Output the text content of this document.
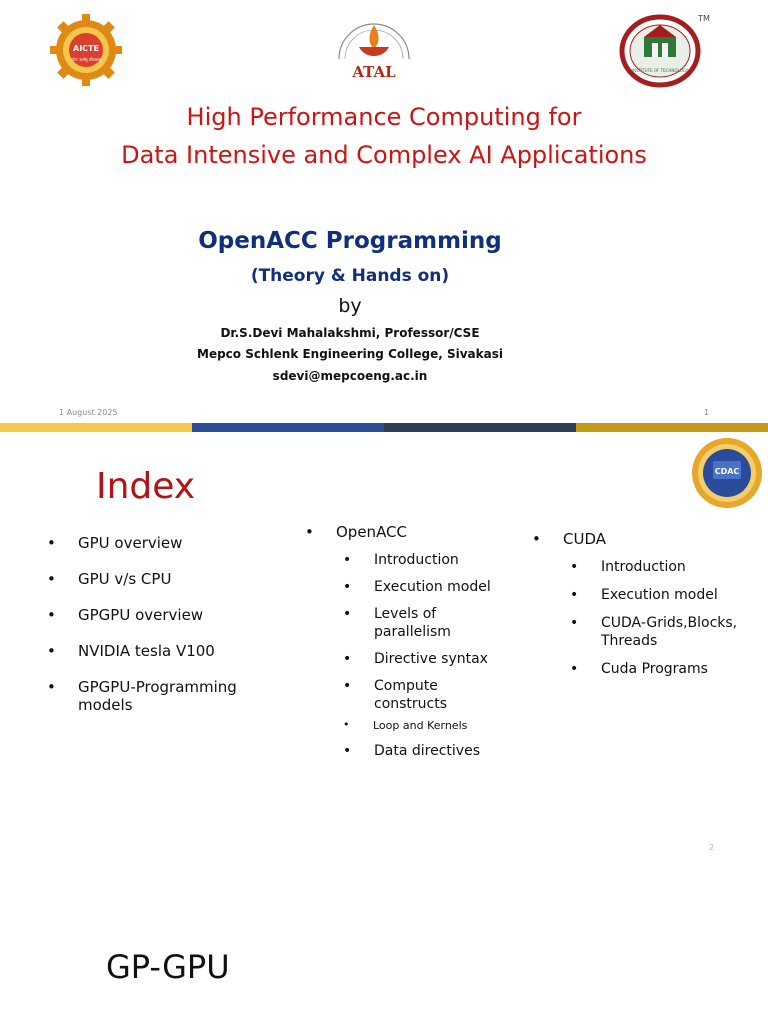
AICTE
योग: कर्मसु कौशलम्
ATAL	INSTITUTE OF TECHNOLOGY
1979
TM
High Performance Computing for
Data Intensive and Complex AI Applications
OpenACC Programming
(Theory & Hands on)
by
Dr.S.Devi Mahalakshmi, Professor/CSE
Mepco Schlenk Engineering College, Sivakasi
sdevi@mepcoeng.ac.in
1 August 2025	1
Index	CDAC
• GPU overview
• GPU v/s CPU
• GPGPU overview
• NVIDIA tesla V100
• GPGPU-Programming models
• OpenACC
• Introduction
• Execution model
• Levels of parallelism
• Directive syntax
• Compute constructs
• Loop and Kernels
• Data directives
• CUDA
• Introduction
• Execution model
• CUDA-Grids,Blocks,Threads
• Cuda Programs
2
GP-GPU
